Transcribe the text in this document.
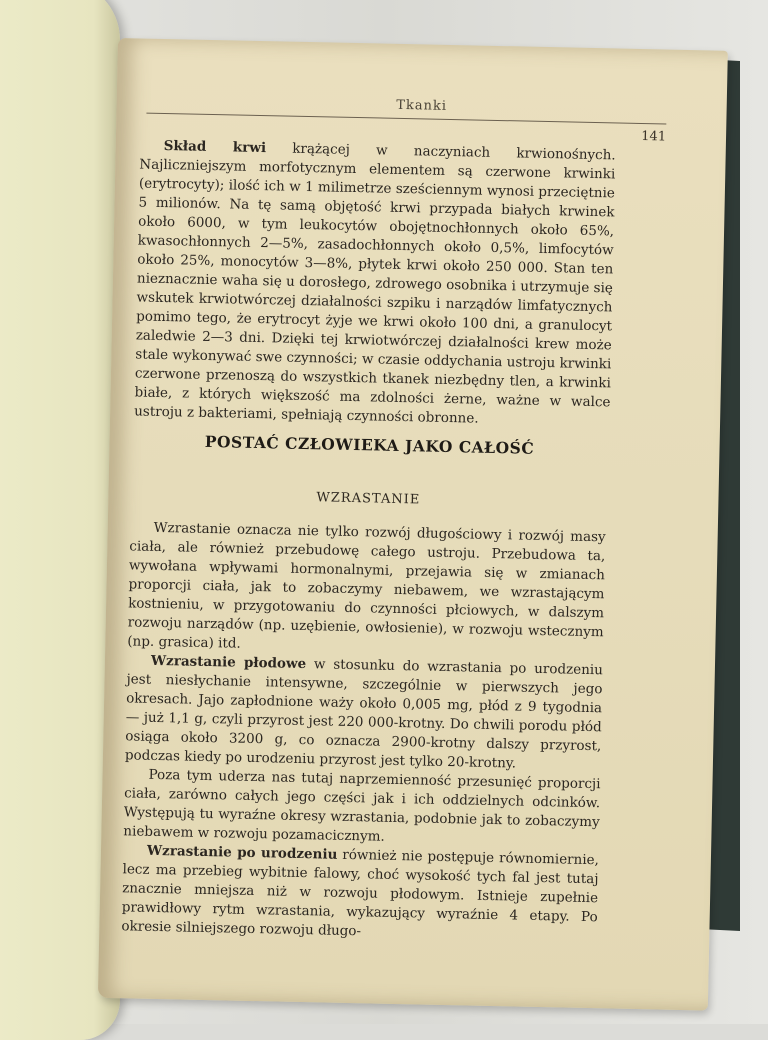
Tkanki
141

Skład krwi krążącej w naczyniach krwionośnych. Najliczniejszym morfotycznym elementem są czerwone krwinki (erytrocyty); ilość ich w 1 milimetrze sześciennym wynosi przeciętnie 5 milionów. Na tę samą objętość krwi przypada białych krwinek około 6000, w tym leukocytów obojętnochłonnych około 65%, kwasochłonnych 2—5%, zasadochłonnych około 0,5%, limfocytów około 25%, monocytów 3—8%, płytek krwi około 250 000. Stan ten nieznacznie waha się u dorosłego, zdrowego osobnika i utrzymuje się wskutek krwiotwórczej działalności szpiku i narządów limfatycznych pomimo tego, że erytrocyt żyje we krwi około 100 dni, a granulocyt zaledwie 2—3 dni. Dzięki tej krwiotwórczej działalności krew może stale wykonywać swe czynności; w czasie oddychania ustroju krwinki czerwone przenoszą do wszystkich tkanek niezbędny tlen, a krwinki białe, z których większość ma zdolności żerne, ważne w walce ustroju z bakteriami, spełniają czynności obronne.

POSTAĆ CZŁOWIEKA JAKO CAŁOŚĆ
WZRASTANIE

Wzrastanie oznacza nie tylko rozwój długościowy i rozwój masy ciała, ale również przebudowę całego ustroju. Przebudowa ta, wywołana wpływami hormonalnymi, przejawia się w zmianach proporcji ciała, jak to zobaczymy niebawem, we wzrastającym kostnieniu, w przygotowaniu do czynności płciowych, w dalszym rozwoju narządów (np. uzębienie, owłosienie), w rozwoju wstecznym (np. grasica) itd.

Wzrastanie płodowe w stosunku do wzrastania po urodzeniu jest niesłychanie intensywne, szczególnie w pierwszych jego okresach. Jajo zapłodnione waży około 0,005 mg, płód z 9 tygodnia — już 1,1 g, czyli przyrost jest 220 000-krotny. Do chwili porodu płód osiąga około 3200 g, co oznacza 2900-krotny dalszy przyrost, podczas kiedy po urodzeniu przyrost jest tylko 20-krotny.

Poza tym uderza nas tutaj naprzemienność przesunięć proporcji ciała, zarówno całych jego części jak i ich oddzielnych odcinków. Występują tu wyraźne okresy wzrastania, podobnie jak to zobaczymy niebawem w rozwoju pozamacicznym.

Wzrastanie po urodzeniu również nie postępuje równomiernie, lecz ma przebieg wybitnie falowy, choć wysokość tych fal jest tutaj znacznie mniejsza niż w rozwoju płodowym. Istnieje zupełnie prawidłowy rytm wzrastania, wykazujący wyraźnie 4 etapy. Po okresie silniejszego rozwoju długo-
